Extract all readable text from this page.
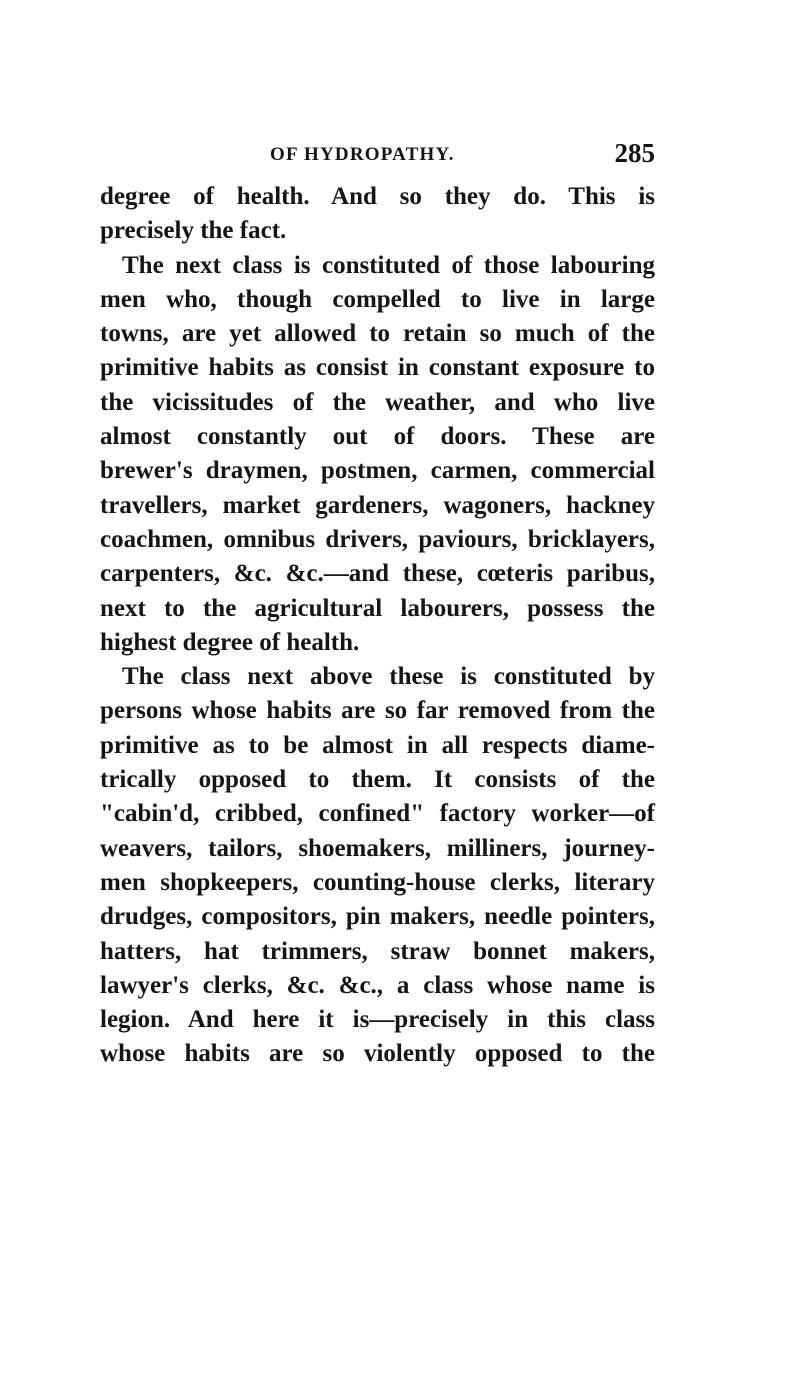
OF HYDROPATHY.	285
degree of health. And so they do. This is
precisely the fact.
The next class is constituted of those labouring
men who, though compelled to live in large
towns, are yet allowed to retain so much of the
primitive habits as consist in constant exposure to
the vicissitudes of the weather, and who live
almost constantly out of doors. These are
brewer's draymen, postmen, carmen, commercial
travellers, market gardeners, wagoners, hackney
coachmen, omnibus drivers, paviours, bricklayers,
carpenters, &c. &c.—and these, cœteris paribus,
next to the agricultural labourers, possess the
highest degree of health.
The class next above these is constituted by
persons whose habits are so far removed from the
primitive as to be almost in all respects diame-
trically opposed to them. It consists of the
"cabin'd, cribbed, confined" factory worker—of
weavers, tailors, shoemakers, milliners, journey-
men shopkeepers, counting-house clerks, literary
drudges, compositors, pin makers, needle pointers,
hatters, hat trimmers, straw bonnet makers,
lawyer's clerks, &c. &c., a class whose name is
legion. And here it is—precisely in this class
whose habits are so violently opposed to the
